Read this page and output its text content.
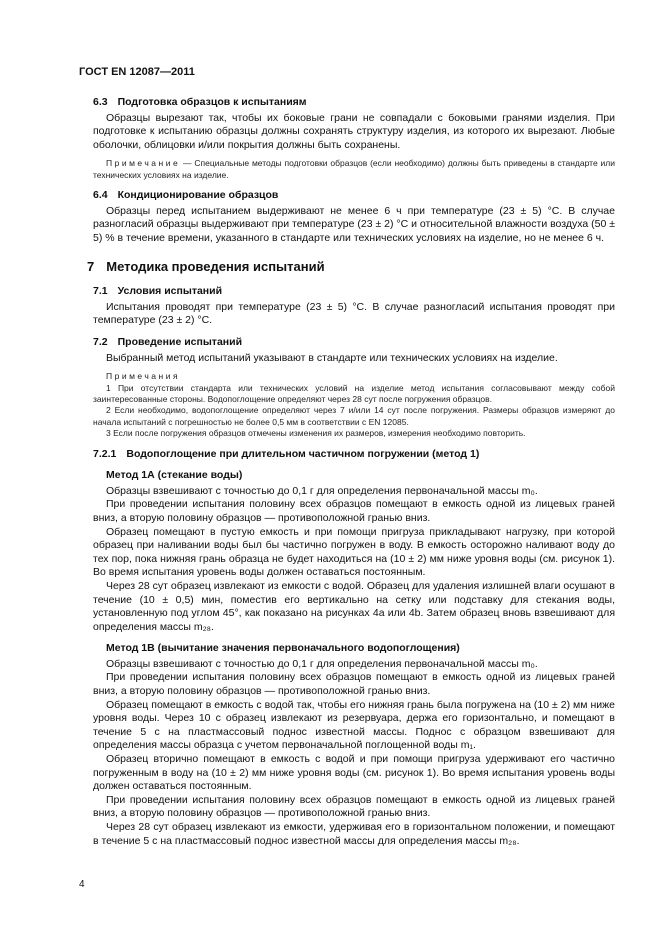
ГОСТ EN 12087—2011
6.3 Подготовка образцов к испытаниям
Образцы вырезают так, чтобы их боковые грани не совпадали с боковыми гранями изделия. При подготовке к испытанию образцы должны сохранять структуру изделия, из которого их вырезают. Любые оболочки, облицовки и/или покрытия должны быть сохранены.
Примечание — Специальные методы подготовки образцов (если необходимо) должны быть приведены в стандарте или технических условиях на изделие.
6.4 Кондиционирование образцов
Образцы перед испытанием выдерживают не менее 6 ч при температуре (23 ± 5) °С. В случае разногласий образцы выдерживают при температуре (23 ± 2) °С и относительной влажности воздуха (50 ± 5) % в течение времени, указанного в стандарте или технических условиях на изделие, но не менее 6 ч.
7 Методика проведения испытаний
7.1 Условия испытаний
Испытания проводят при температуре (23 ± 5) °С. В случае разногласий испытания проводят при температуре (23 ± 2) °С.
7.2 Проведение испытаний
Выбранный метод испытаний указывают в стандарте или технических условиях на изделие.
Примечания
1 При отсутствии стандарта или технических условий на изделие метод испытания согласовывают между собой заинтересованные стороны. Водопоглощение определяют через 28 сут после погружения образцов.
2 Если необходимо, водопоглощение определяют через 7 и/или 14 сут после погружения. Размеры образцов измеряют до начала испытаний с погрешностью не более 0,5 мм в соответствии с EN 12085.
3 Если после погружения образцов отмечены изменения их размеров, измерения необходимо повторить.
7.2.1 Водопоглощение при длительном частичном погружении (метод 1)
Метод 1А (стекание воды)
Образцы взвешивают с точностью до 0,1 г для определения первоначальной массы m₀.
При проведении испытания половину всех образцов помещают в емкость одной из лицевых граней вниз, а вторую половину образцов — противоположной гранью вниз.
Образец помещают в пустую емкость и при помощи пригруза прикладывают нагрузку, при которой образец при наливании воды был бы частично погружен в воду. В емкость осторожно наливают воду до тех пор, пока нижняя грань образца не будет находиться на (10 ± 2) мм ниже уровня воды (см. рисунок 1). Во время испытания уровень воды должен оставаться постоянным.
Через 28 сут образец извлекают из емкости с водой. Образец для удаления излишней влаги осушают в течение (10 ± 0,5) мин, поместив его вертикально на сетку или подставку для стекания воды, установленную под углом 45°, как показано на рисунках 4а или 4b. Затем образец вновь взвешивают для определения массы m₂₈.
Метод 1В (вычитание значения первоначального водопоглощения)
Образцы взвешивают с точностью до 0,1 г для определения первоначальной массы m₀.
При проведении испытания половину всех образцов помещают в емкость одной из лицевых граней вниз, а вторую половину образцов — противоположной гранью вниз.
Образец помещают в емкость с водой так, чтобы его нижняя грань была погружена на (10 ± 2) мм ниже уровня воды. Через 10 с образец извлекают из резервуара, держа его горизонтально, и помещают в течение 5 с на пластмассовый поднос известной массы. Поднос с образцом взвешивают для определения массы образца с учетом первоначальной поглощенной воды m₁.
Образец вторично помещают в емкость с водой и при помощи пригруза удерживают его частично погруженным в воду на (10 ± 2) мм ниже уровня воды (см. рисунок 1). Во время испытания уровень воды должен оставаться постоянным.
При проведении испытания половину всех образцов помещают в емкость одной из лицевых граней вниз, а вторую половину образцов — противоположной гранью вниз.
Через 28 сут образец извлекают из емкости, удерживая его в горизонтальном положении, и помещают в течение 5 с на пластмассовый поднос известной массы для определения массы m₂₈.
4
